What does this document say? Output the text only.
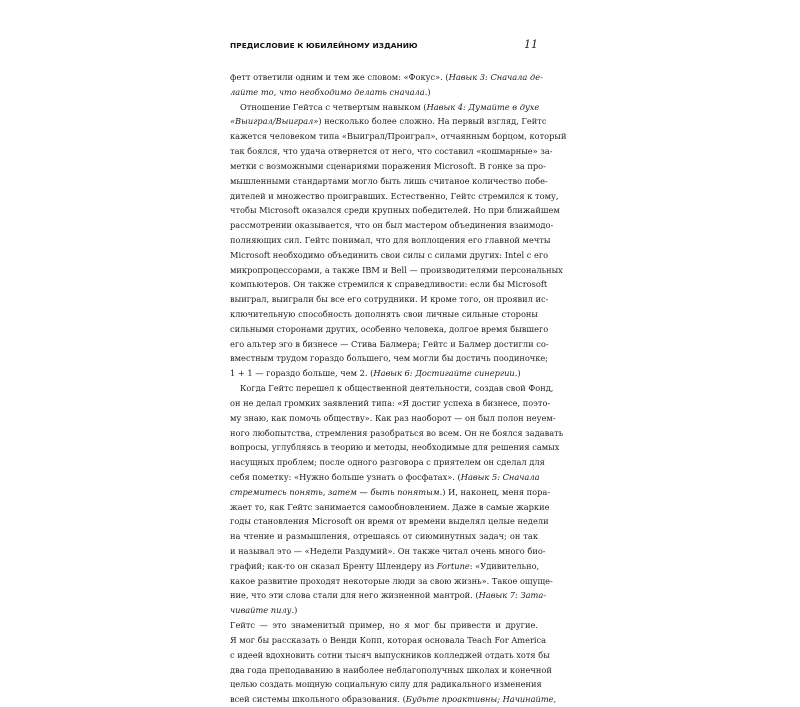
ПРЕДИСЛОВИЕ К ЮБИЛЕЙНОМУ ИЗДАНИЮ	11
фетт ответили одним и тем же словом: «Фокус». (Навык 3: Сначала де-
лайте то, что необходимо делать сначала.)
Отношение Гейтса с четвертым навыком (Навык 4: Думайте в духе
«Выиграл/Выиграл») несколько более сложно. На первый взгляд, Гейтс
кажется человеком типа «Выиграл/Проиграл», отчаянным борцом, который
так боялся, что удача отвернется от него, что составил «кошмарные» за-
метки с возможными сценариями поражения Microsoft. В гонке за про-
мышленными стандартами могло быть лишь считаное количество побе-
дителей и множество проигравших. Естественно, Гейтс стремился к тому,
чтобы Microsoft оказался среди крупных победителей. Но при ближайшем
рассмотрении оказывается, что он был мастером объединения взаимодо-
полняющих сил. Гейтс понимал, что для воплощения его главной мечты
Microsoft необходимо объединить свои силы с силами других: Intel с его
микропроцессорами, а также IBM и Bell — производителями персональных
компьютеров. Он также стремился к справедливости: если бы Microsoft
выиграл, выиграли бы все его сотрудники. И кроме того, он проявил ис-
ключительную способность дополнять свои личные сильные стороны
сильными сторонами других, особенно человека, долгое время бывшего
его альтер эго в бизнесе — Стива Балмера; Гейтс и Балмер достигли со-
вместным трудом гораздо большего, чем могли бы достичь поодиночке;
1 + 1 — гораздо больше, чем 2. (Навык 6: Достигайте синергии.)
Когда Гейтс перешел к общественной деятельности, создав свой Фонд,
он не делал громких заявлений типа: «Я достиг успеха в бизнесе, поэто-
му знаю, как помочь обществу». Как раз наоборот — он был полон неуем-
ного любопытства, стремления разобраться во всем. Он не боялся задавать
вопросы, углубляясь в теорию и методы, необходимые для решения самых
насущных проблем; после одного разговора с приятелем он сделал для
себя пометку: «Нужно больше узнать о фосфатах». (Навык 5: Сначала
стремитесь понять, затем — быть понятым.) И, наконец, меня пора-
жает то, как Гейтс занимается самообновлением. Даже в самые жаркие
годы становления Microsoft он время от времени выделял целые недели
на чтение и размышления, отрешаясь от сиюминутных задач; он так
и называл это — «Недели Раздумий». Он также читал очень много био-
графий; как-то он сказал Бренту Шлендеру из Fortune: «Удивительно,
какое развитие проходят некоторые люди за свою жизнь». Такое ощуще-
ние, что эти слова стали для него жизненной мантрой. (Навык 7: Зата-
чивайте пилу.)
Гейтс — это знаменитый пример, но я мог бы привести и другие.
Я мог бы рассказать о Венди Копп, которая основала Teach For America
с идеей вдохновить сотни тысяч выпускников колледжей отдать хотя бы
два года преподаванию в наиболее неблагополучных школах и конечной
целью создать мощную социальную силу для радикального изменения
всей системы школьного образования. (Будьте проактивны; Начинайте,
